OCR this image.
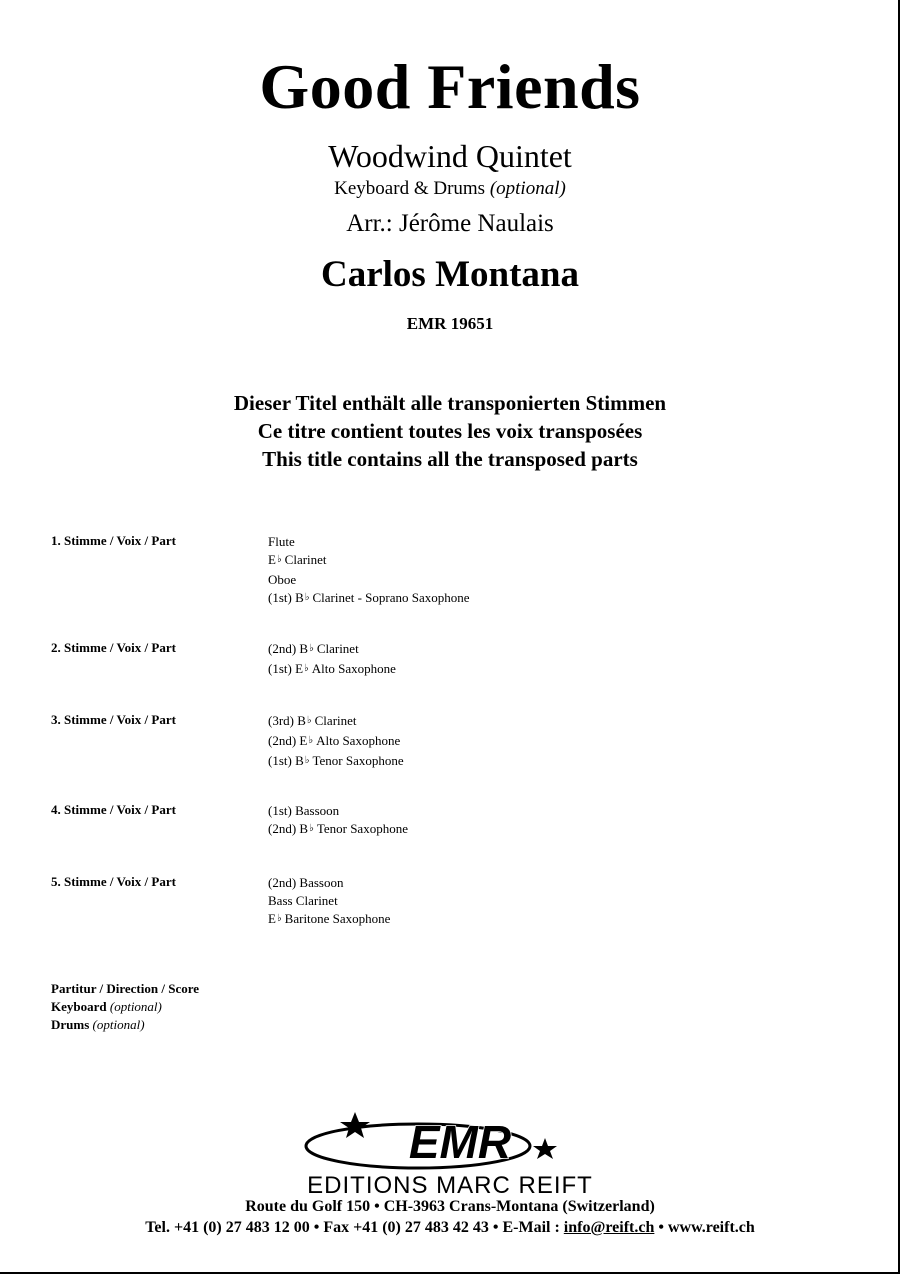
Good Friends
Woodwind Quintet
Keyboard & Drums (optional)
Arr.: Jérôme Naulais
Carlos Montana
EMR 19651
Dieser Titel enthält alle transponierten Stimmen
Ce titre contient toutes les voix transposées
This title contains all the transposed parts
1. Stimme / Voix / Part	Flute
E♭ Clarinet
Oboe
(1st) B♭ Clarinet - Soprano Saxophone
2. Stimme / Voix / Part	(2nd) B♭ Clarinet
(1st) E♭ Alto Saxophone
3. Stimme / Voix / Part	(3rd) B♭ Clarinet
(2nd) E♭ Alto Saxophone
(1st) B♭ Tenor Saxophone
4. Stimme / Voix / Part	(1st) Bassoon
(2nd) B♭ Tenor Saxophone
5. Stimme / Voix / Part	(2nd) Bassoon
Bass Clarinet
E♭ Baritone Saxophone
Partitur / Direction / Score
Keyboard (optional)
Drums (optional)
EMR
EDITIONS MARC REIFT
Route du Golf 150 • CH-3963 Crans-Montana (Switzerland)
Tel. +41 (0) 27 483 12 00 • Fax +41 (0) 27 483 42 43 • E-Mail : info@reift.ch • www.reift.ch
